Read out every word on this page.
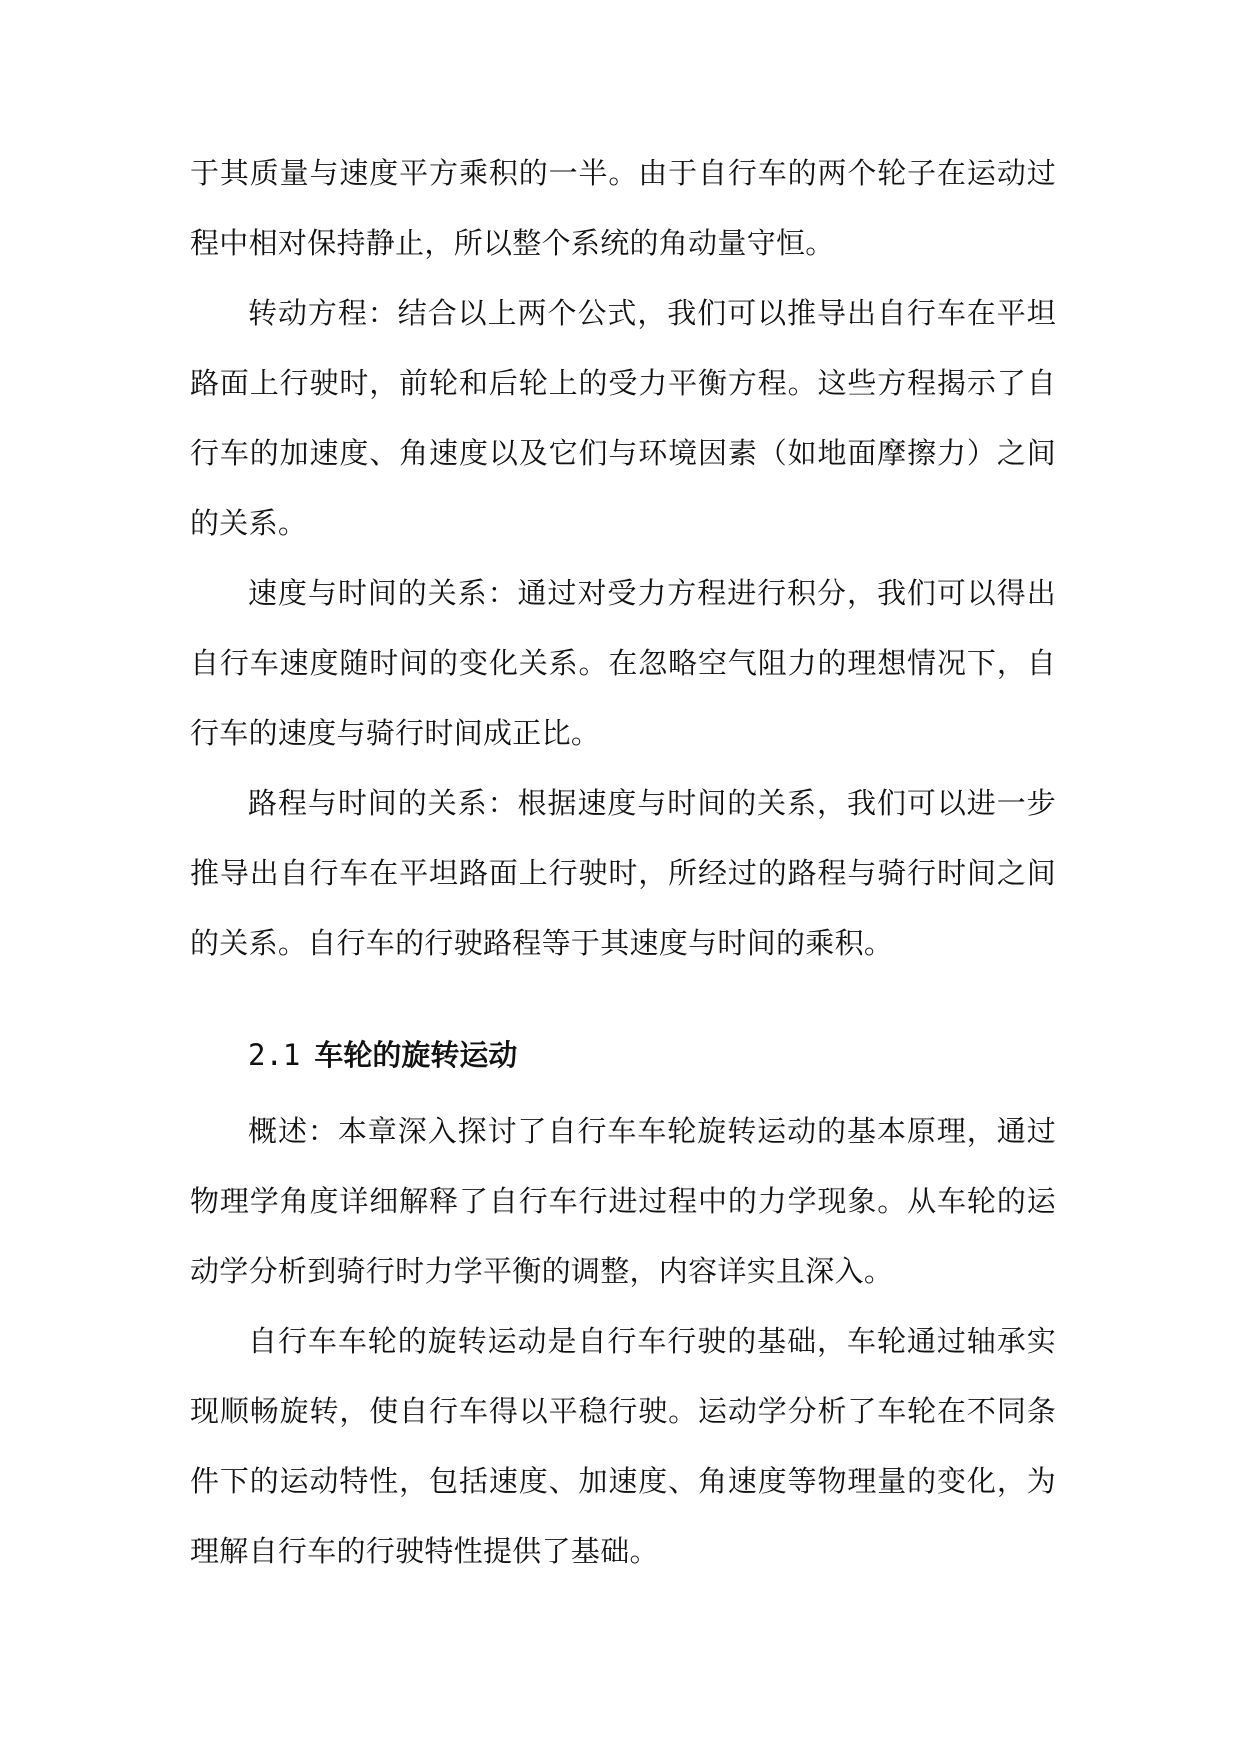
于其质量与速度平方乘积的一半。由于自行车的两个轮子在运动过程中相对保持静止，所以整个系统的角动量守恒。

转动方程：结合以上两个公式，我们可以推导出自行车在平坦路面上行驶时，前轮和后轮上的受力平衡方程。这些方程揭示了自行车的加速度、角速度以及它们与环境因素（如地面摩擦力）之间的关系。

速度与时间的关系：通过对受力方程进行积分，我们可以得出自行车速度随时间的变化关系。在忽略空气阻力的理想情况下，自行车的速度与骑行时间成正比。

路程与时间的关系：根据速度与时间的关系，我们可以进一步推导出自行车在平坦路面上行驶时，所经过的路程与骑行时间之间的关系。自行车的行驶路程等于其速度与时间的乘积。

2.1 车轮的旋转运动

概述：本章深入探讨了自行车车轮旋转运动的基本原理，通过物理学角度详细解释了自行车行进过程中的力学现象。从车轮的运动学分析到骑行时力学平衡的调整，内容详实且深入。

自行车车轮的旋转运动是自行车行驶的基础，车轮通过轴承实现顺畅旋转，使自行车得以平稳行驶。运动学分析了车轮在不同条件下的运动特性，包括速度、加速度、角速度等物理量的变化，为理解自行车的行驶特性提供了基础。
